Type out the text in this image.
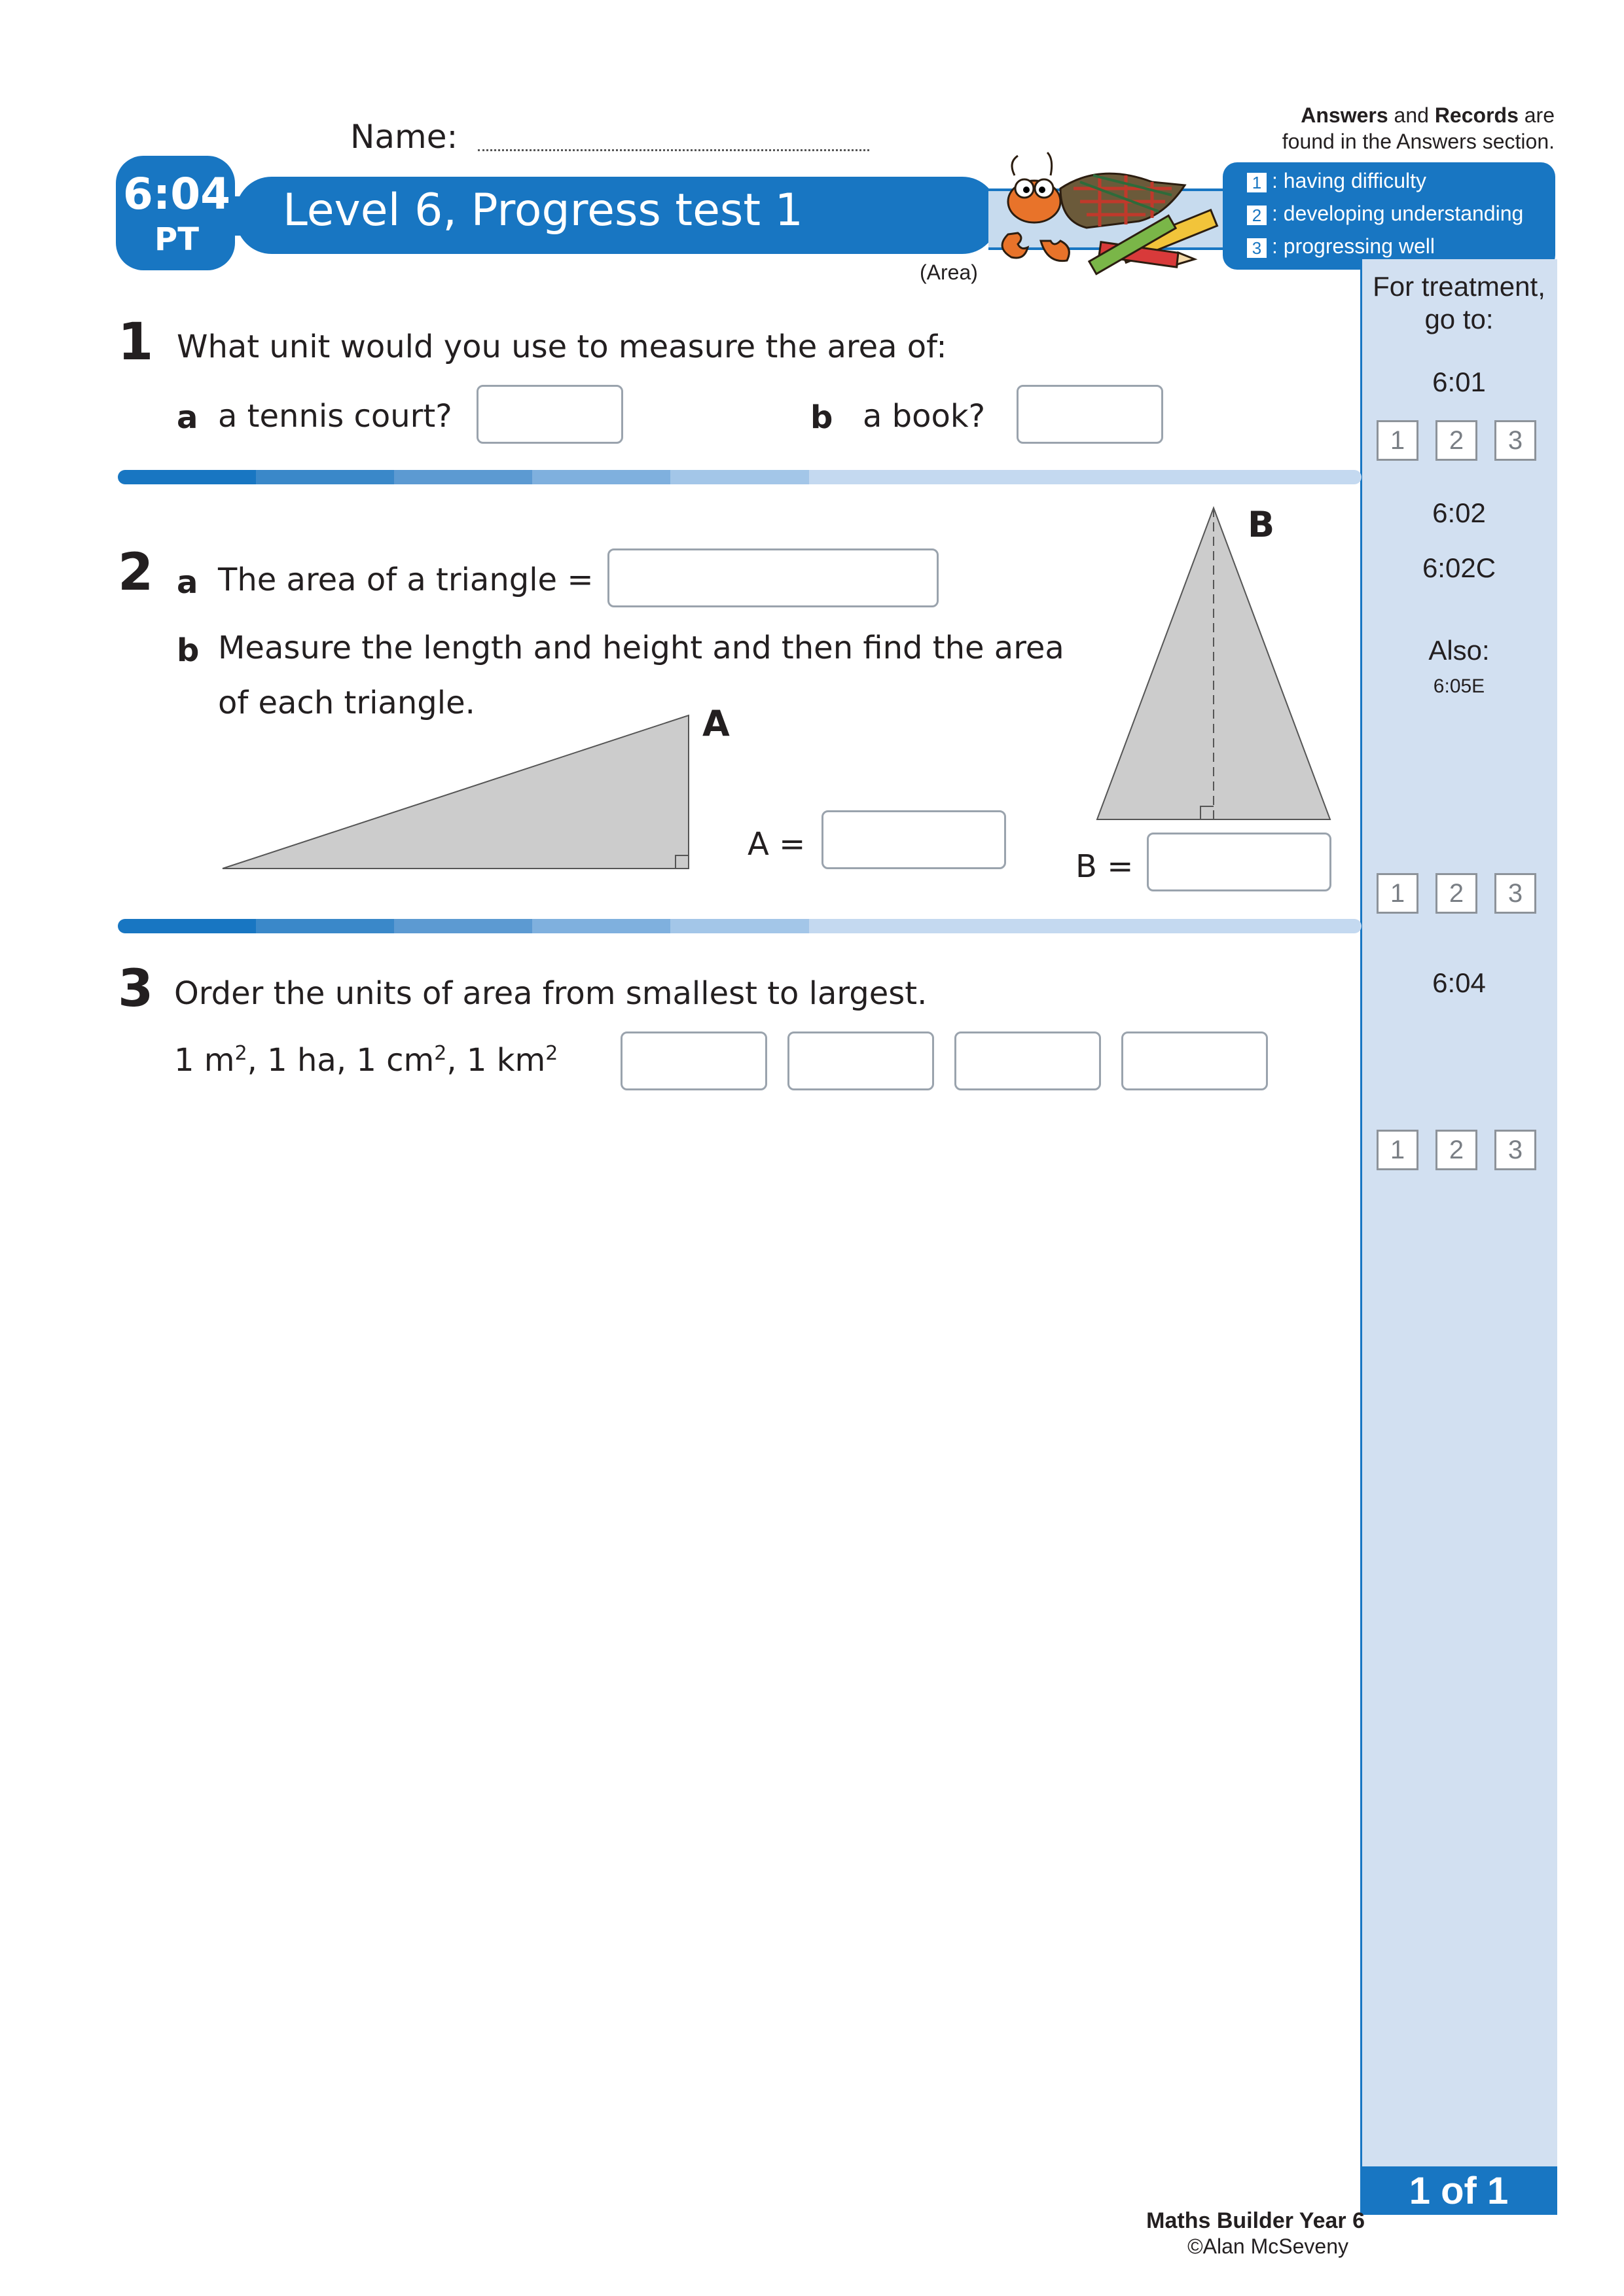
Name:
Answers and Records are
found in the Answers section.
6:04
PT
Level 6, Progress test 1
(Area)
1 : having difficulty
2 : developing understanding
3 : progressing well
For treatment,
go to:
6:01
1	2	3
6:02
6:02C
Also:
6:05E
1	2	3
6:04
1	2	3
1 What unit would you use to measure the area of:
a a tennis court?	b a book?
2 a The area of a triangle =
b Measure the length and height and then find the area
of each triangle.	A
A =
B
B =
3 Order the units of area from smallest to largest.
1 $m^2$, 1 ha, 1 $cm^2$, 1 $km^2$
1 of 1
Maths Builder Year 6
©Alan McSeveny
